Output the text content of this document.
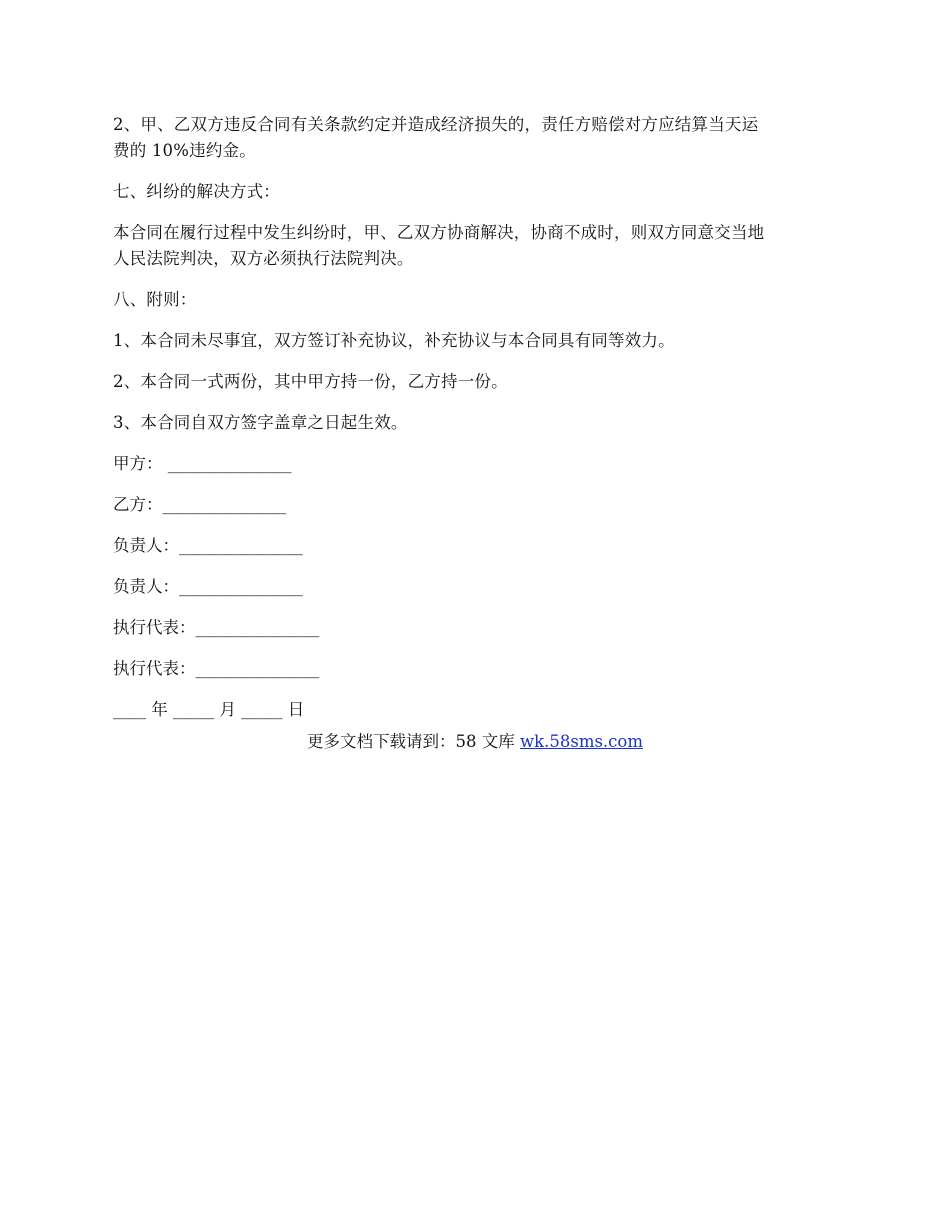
2、甲、乙双方违反合同有关条款约定并造成经济损失的，责任方赔偿对方应结算当天运
费的 10%违约金。

七、纠纷的解决方式：

本合同在履行过程中发生纠纷时，甲、乙双方协商解决，协商不成时，则双方同意交当地
人民法院判决，双方必须执行法院判决。

八、附则：

1、本合同未尽事宜，双方签订补充协议，补充协议与本合同具有同等效力。

2、本合同一式两份，其中甲方持一份，乙方持一份。

3、本合同自双方签字盖章之日起生效。

甲方： _______________
乙方：_______________
负责人：_______________
负责人：_______________
执行代表：_______________
执行代表：_______________
____ 年 _____ 月 _____ 日
更多文档下载请到：58 文库 wk.58sms.com
